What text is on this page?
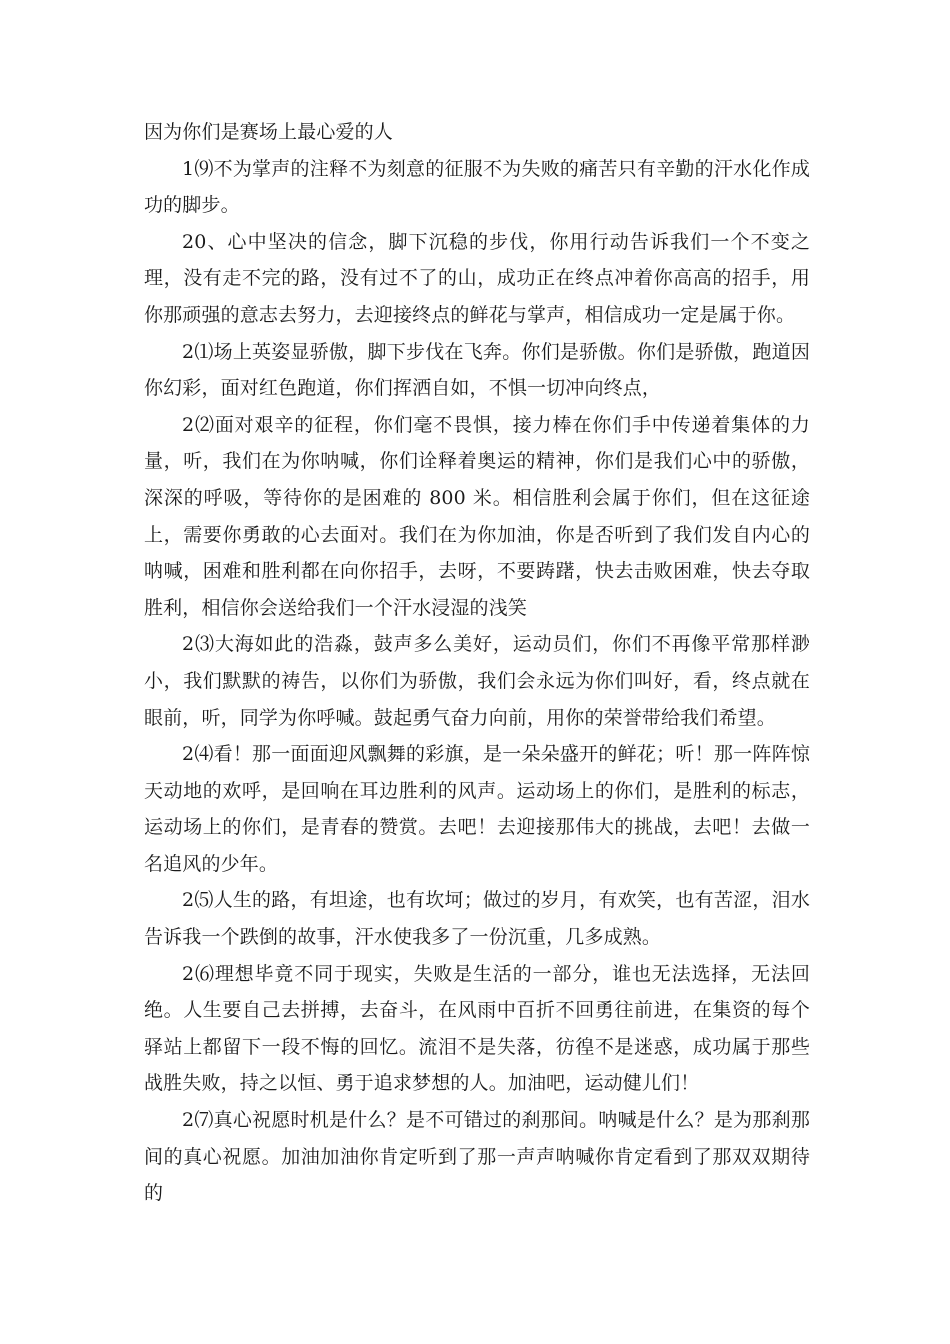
因为你们是赛场上最心爱的人

1⑼不为掌声的注释不为刻意的征服不为失败的痛苦只有辛勤的汗水化作成功的脚步。

20、心中坚决的信念，脚下沉稳的步伐，你用行动告诉我们一个不变之理，没有走不完的路，没有过不了的山，成功正在终点冲着你高高的招手，用你那顽强的意志去努力，去迎接终点的鲜花与掌声，相信成功一定是属于你。

2⑴场上英姿显骄傲，脚下步伐在飞奔。你们是骄傲。你们是骄傲，跑道因你幻彩，面对红色跑道，你们挥洒自如，不惧一切冲向终点，

2⑵面对艰辛的征程，你们毫不畏惧，接力棒在你们手中传递着集体的力量，听，我们在为你呐喊，你们诠释着奥运的精神，你们是我们心中的骄傲，深深的呼吸，等待你的是困难的 800 米。相信胜利会属于你们，但在这征途上，需要你勇敢的心去面对。我们在为你加油，你是否听到了我们发自内心的呐喊，困难和胜利都在向你招手，去呀，不要踌躇，快去击败困难，快去夺取胜利，相信你会送给我们一个汗水浸湿的浅笑

2⑶大海如此的浩淼，鼓声多么美好，运动员们，你们不再像平常那样渺小，我们默默的祷告，以你们为骄傲，我们会永远为你们叫好，看，终点就在眼前，听，同学为你呼喊。鼓起勇气奋力向前，用你的荣誉带给我们希望。

2⑷看！那一面面迎风飘舞的彩旗，是一朵朵盛开的鲜花；听！那一阵阵惊天动地的欢呼，是回响在耳边胜利的风声。运动场上的你们，是胜利的标志，运动场上的你们，是青春的赞赏。去吧！去迎接那伟大的挑战，去吧！去做一名追风的少年。

2⑸人生的路，有坦途，也有坎坷；做过的岁月，有欢笑，也有苦涩，泪水告诉我一个跌倒的故事，汗水使我多了一份沉重，几多成熟。

2⑹理想毕竟不同于现实，失败是生活的一部分，谁也无法选择，无法回绝。人生要自己去拼搏，去奋斗，在风雨中百折不回勇往前进，在集资的每个驿站上都留下一段不悔的回忆。流泪不是失落，彷徨不是迷惑，成功属于那些战胜失败，持之以恒、勇于追求梦想的人。加油吧，运动健儿们！

2⑺真心祝愿时机是什么？是不可错过的刹那间。呐喊是什么？是为那刹那间的真心祝愿。加油加油你肯定听到了那一声声呐喊你肯定看到了那双双期待的
